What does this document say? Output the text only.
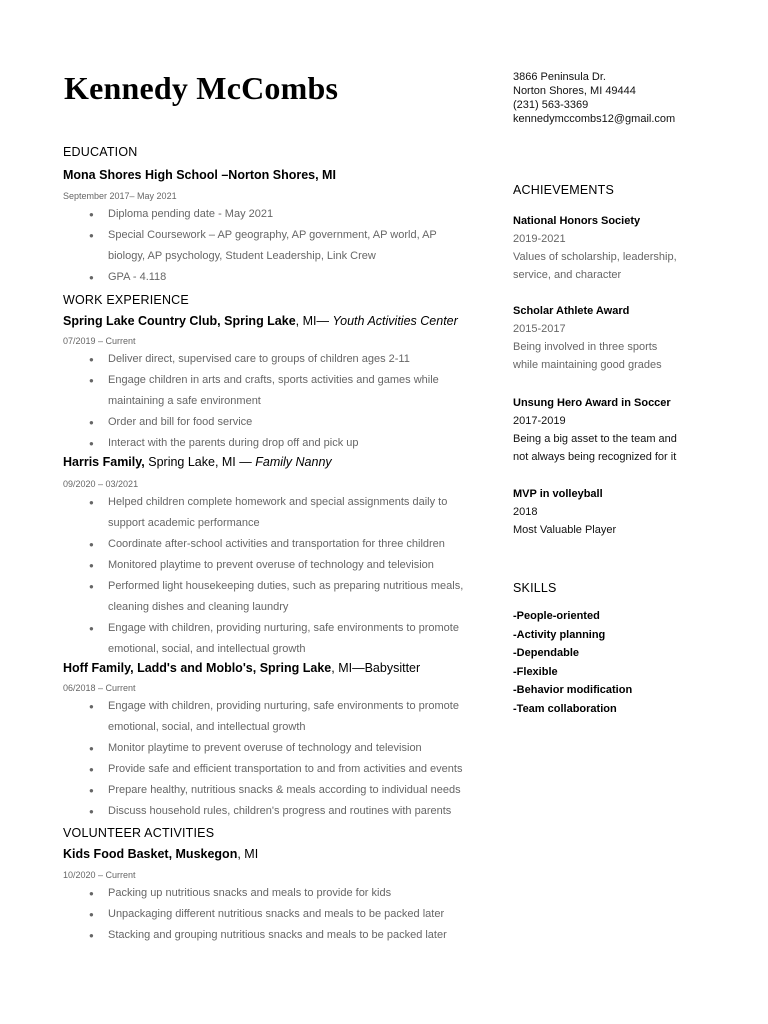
Kennedy McCombs	3866 Peninsula Dr.
Norton Shores, MI 49444
(231) 563-3369
kennedymccombs12@gmail.com
EDUCATION
Mona Shores High School –Norton Shores, MI
September 2017– May 2021
● Diploma pending date - May 2021
● Special Coursework – AP geography, AP government, AP world, AP
biology, AP psychology, Student Leadership, Link Crew
● GPA - 4.118
WORK EXPERIENCE
Spring Lake Country Club, Spring Lake, MI— Youth Activities Center
07/2019 – Current
● Deliver direct, supervised care to groups of children ages 2-11
● Engage children in arts and crafts, sports activities and games while
maintaining a safe environment
● Order and bill for food service
● Interact with the parents during drop off and pick up
Harris Family, Spring Lake, MI — Family Nanny
09/2020 – 03/2021
● Helped children complete homework and special assignments daily to
support academic performance
● Coordinate after-school activities and transportation for three children
● Monitored playtime to prevent overuse of technology and television
● Performed light housekeeping duties, such as preparing nutritious meals,
cleaning dishes and cleaning laundry
● Engage with children, providing nurturing, safe environments to promote
emotional, social, and intellectual growth
Hoff Family, Ladd's and Moblo's, Spring Lake, MI—Babysitter
06/2018 – Current
● Engage with children, providing nurturing, safe environments to promote
emotional, social, and intellectual growth
● Monitor playtime to prevent overuse of technology and television
● Provide safe and efficient transportation to and from activities and events
● Prepare healthy, nutritious snacks & meals according to individual needs
● Discuss household rules, children's progress and routines with parents
VOLUNTEER ACTIVITIES
Kids Food Basket, Muskegon, MI
10/2020 – Current
● Packing up nutritious snacks and meals to provide for kids
● Unpackaging different nutritious snacks and meals to be packed later
● Stacking and grouping nutritious snacks and meals to be packed later
ACHIEVEMENTS
National Honors Society
2019-2021
Values of scholarship, leadership,
service, and character
Scholar Athlete Award
2015-2017
Being involved in three sports
while maintaining good grades
Unsung Hero Award in Soccer
2017-2019
Being a big asset to the team and
not always being recognized for it
MVP in volleyball
2018
Most Valuable Player
SKILLS
-People-oriented
-Activity planning
-Dependable
-Flexible
-Behavior modification
-Team collaboration
